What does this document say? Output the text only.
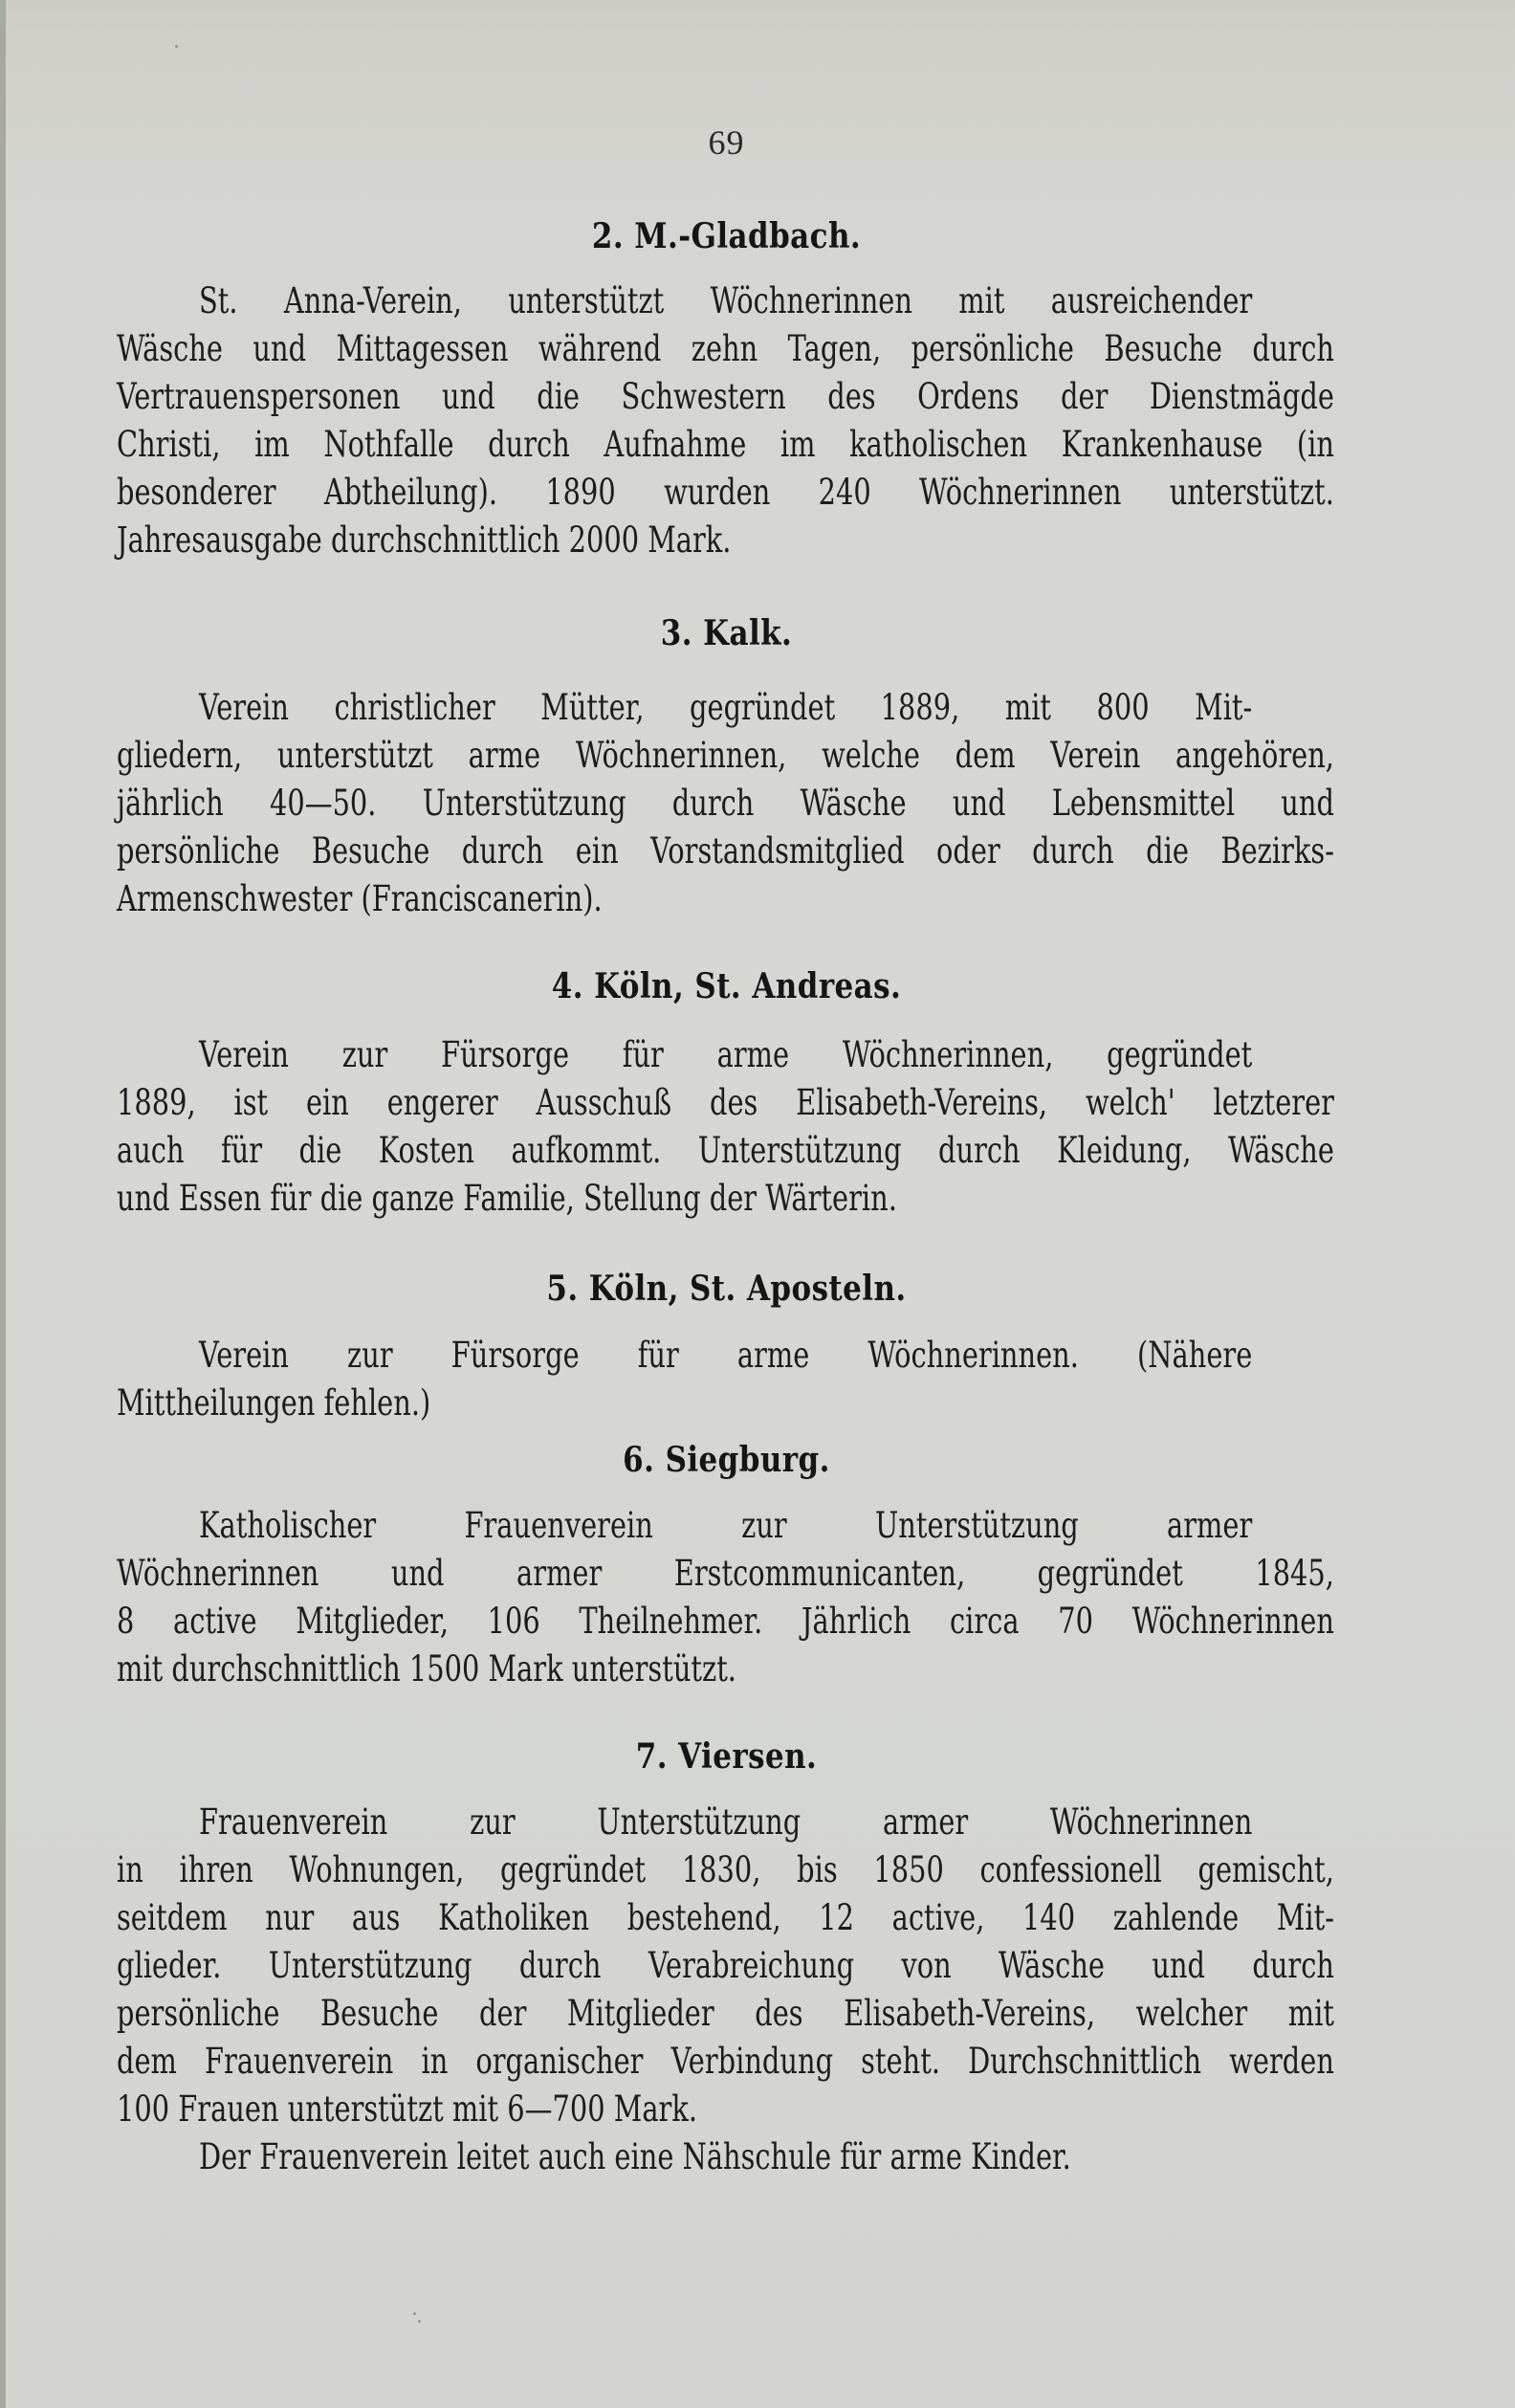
69
2. M.-Gladbach.
St. Anna-Verein, unterstützt Wöchnerinnen mit ausreichender
Wäsche und Mittagessen während zehn Tagen, persönliche Besuche durch
Vertrauenspersonen und die Schwestern des Ordens der Dienstmägde
Christi, im Nothfalle durch Aufnahme im katholischen Krankenhause (in
besonderer Abtheilung). 1890 wurden 240 Wöchnerinnen unterstützt.
Jahresausgabe durchschnittlich 2000 Mark.
3. Kalk.
Verein christlicher Mütter, gegründet 1889, mit 800 Mit-
gliedern, unterstützt arme Wöchnerinnen, welche dem Verein angehören,
jährlich 40—50. Unterstützung durch Wäsche und Lebensmittel und
persönliche Besuche durch ein Vorstandsmitglied oder durch die Bezirks-
Armenschwester (Franciscanerin).
4. Köln, St. Andreas.
Verein zur Fürsorge für arme Wöchnerinnen, gegründet
1889, ist ein engerer Ausschuß des Elisabeth-Vereins, welch' letzterer
auch für die Kosten aufkommt. Unterstützung durch Kleidung, Wäsche
und Essen für die ganze Familie, Stellung der Wärterin.
5. Köln, St. Aposteln.
Verein zur Fürsorge für arme Wöchnerinnen. (Nähere
Mittheilungen fehlen.)
6. Siegburg.
Katholischer Frauenverein zur Unterstützung armer
Wöchnerinnen und armer Erstcommunicanten, gegründet 1845,
8 active Mitglieder, 106 Theilnehmer. Jährlich circa 70 Wöchnerinnen
mit durchschnittlich 1500 Mark unterstützt.
7. Viersen.
Frauenverein zur Unterstützung armer Wöchnerinnen
in ihren Wohnungen, gegründet 1830, bis 1850 confessionell gemischt,
seitdem nur aus Katholiken bestehend, 12 active, 140 zahlende Mit-
glieder. Unterstützung durch Verabreichung von Wäsche und durch
persönliche Besuche der Mitglieder des Elisabeth-Vereins, welcher mit
dem Frauenverein in organischer Verbindung steht. Durchschnittlich werden
100 Frauen unterstützt mit 6—700 Mark.
Der Frauenverein leitet auch eine Nähschule für arme Kinder.
